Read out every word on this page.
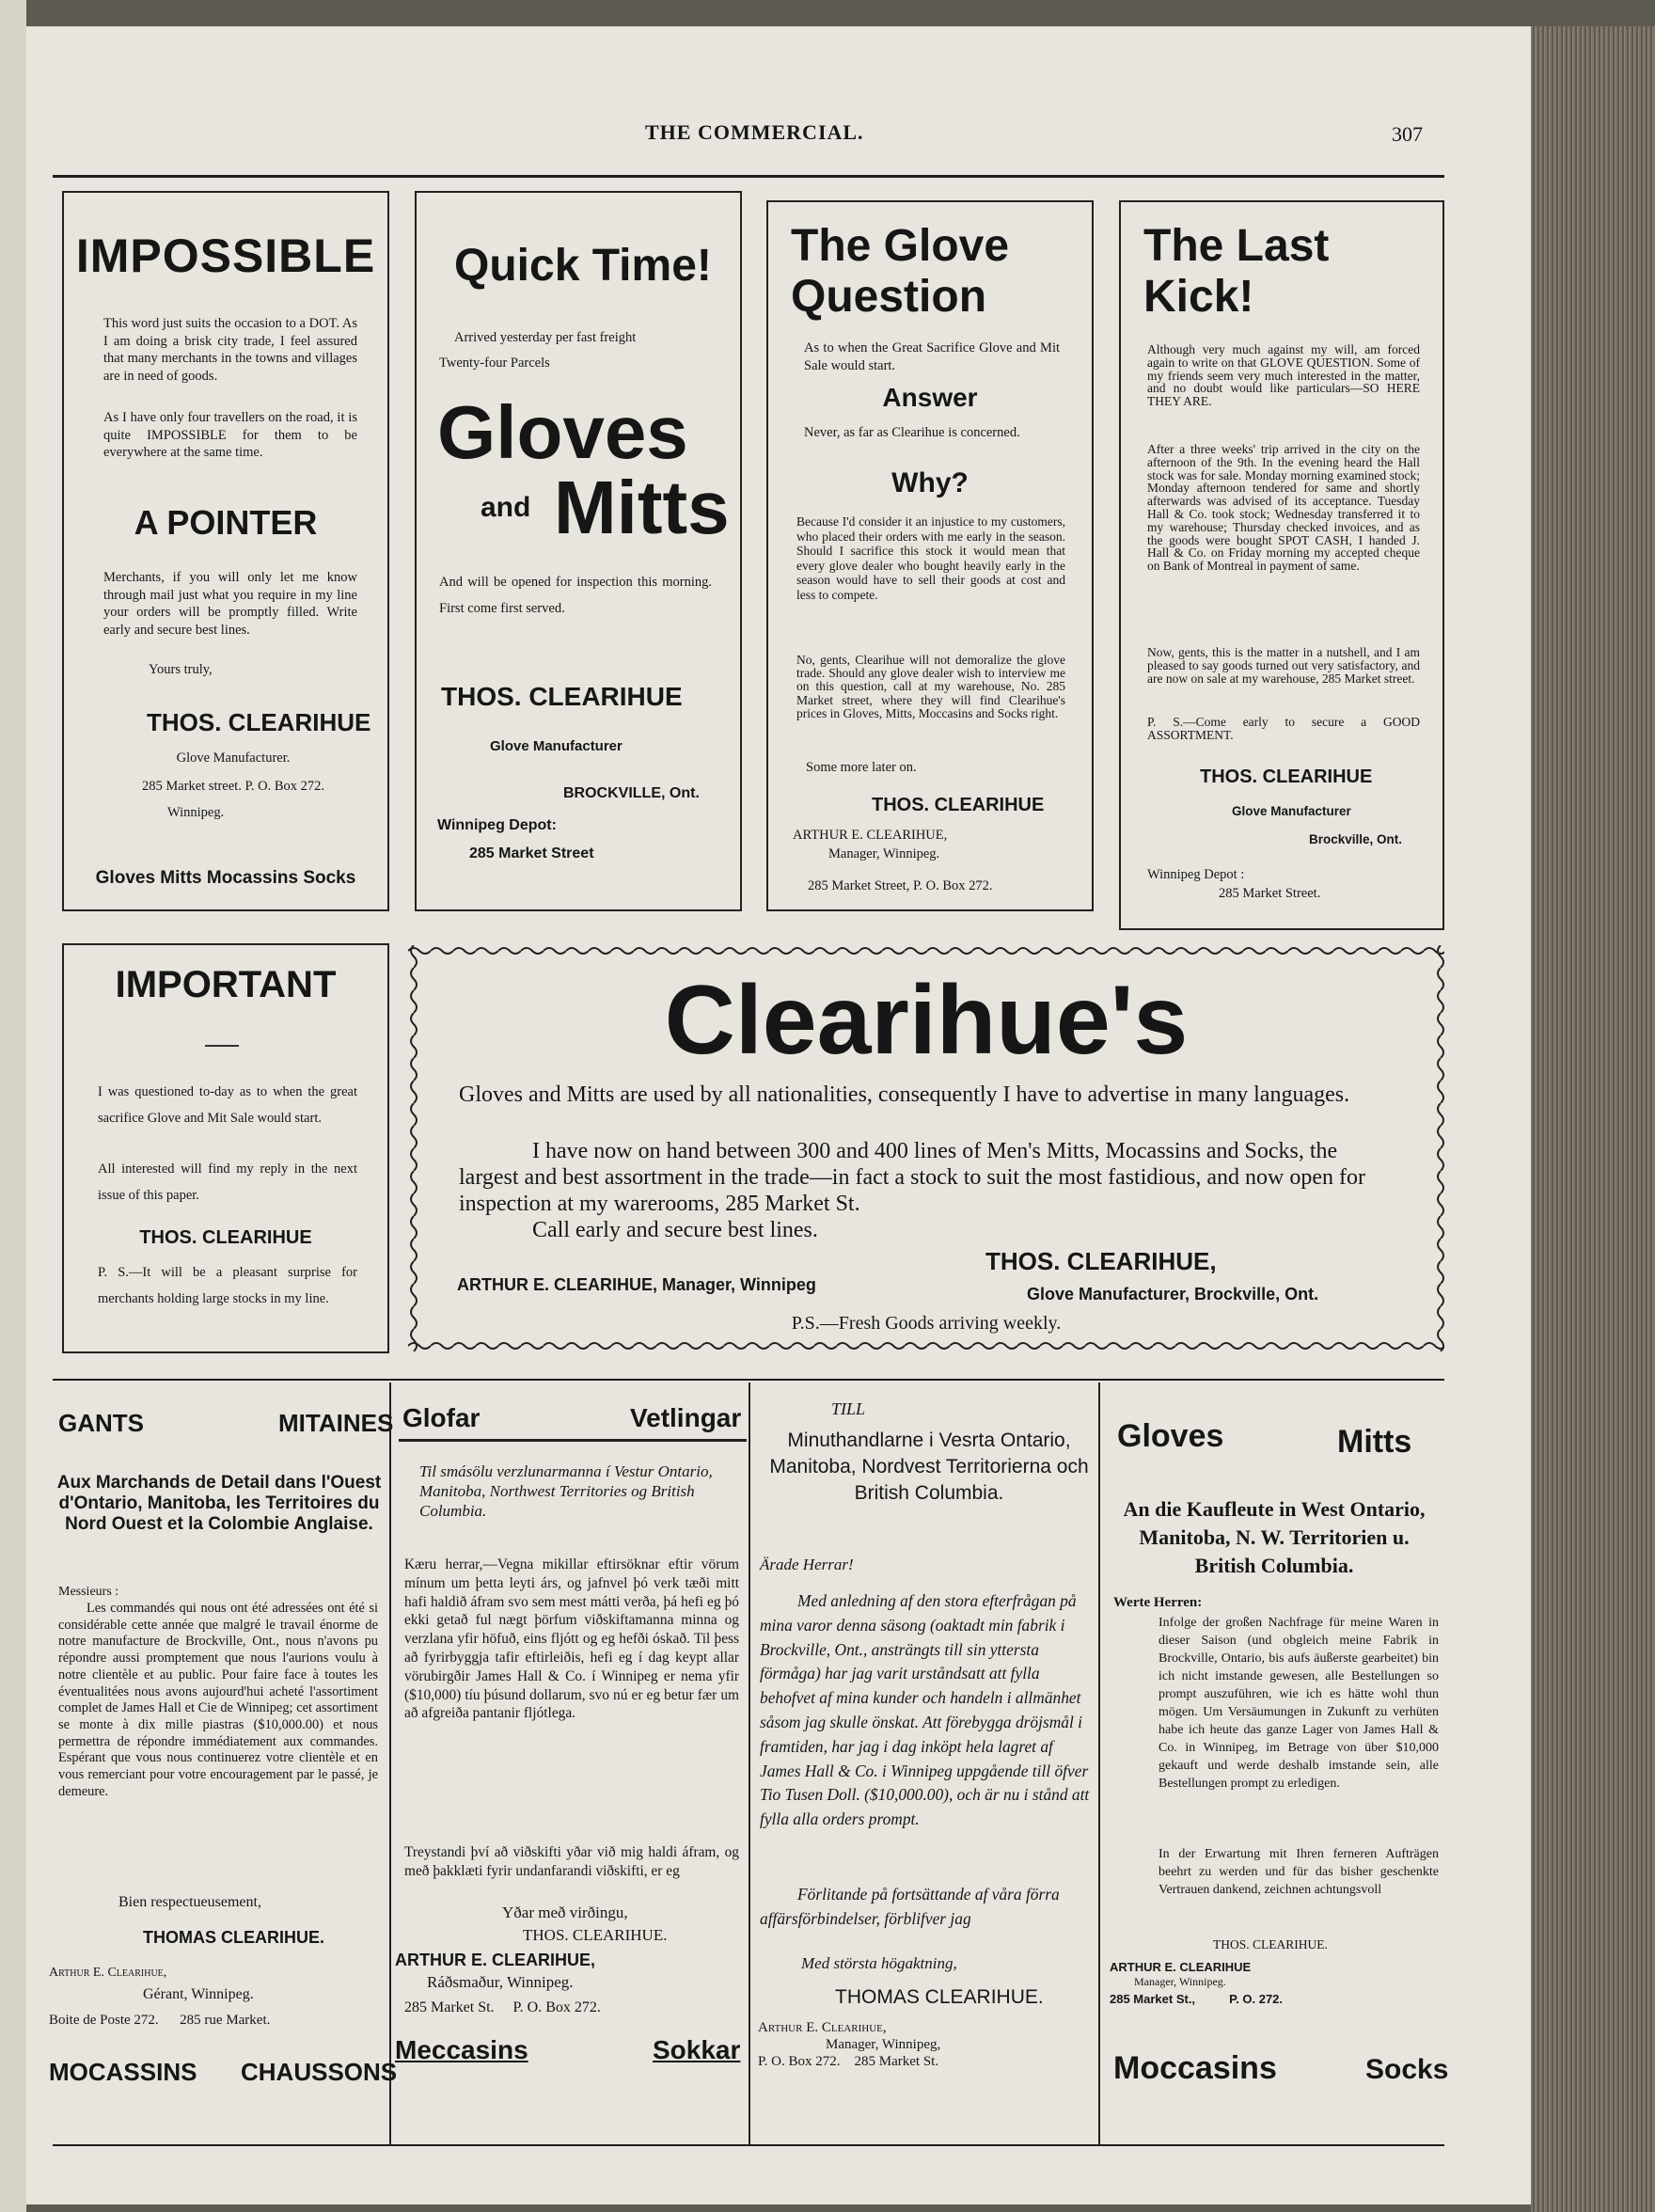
THE COMMERCIAL.	307
IMPOSSIBLE
This word just suits the occasion to a DOT. As I am doing a brisk city trade, I feel assured that many merchants in the towns and villages are in need of goods.
As I have only four travellers on the road, it is quite IMPOSSIBLE for them to be everywhere at the same time.
A POINTER
Merchants, if you will only let me know through mail just what you require in my line your orders will be promptly filled. Write early and secure best lines.
Yours truly,
THOS. CLEARIHUE
Glove Manufacturer.
285 Market street. P. O. Box 272.
Winnipeg.
Gloves Mitts Mocassins Socks
Quick Time!
Arrived yesterday per fast freight
Twenty-four Parcels
Gloves
and Mitts
And will be opened for inspection this morning. First come first served.
THOS. CLEARIHUE
Glove Manufacturer
BROCKVILLE, Ont.
Winnipeg Depot:
285 Market Street
The Glove
Question
As to when the Great Sacrifice Glove and Mit Sale would start.
Answer
Never, as far as Clearihue is concerned.
Why?
Because I'd consider it an injustice to my customers, who placed their orders with me early in the season. Should I sacrifice this stock it would mean that every glove dealer who bought heavily early in the season would have to sell their goods at cost and less to compete.
No, gents, Clearihue will not demoralize the glove trade. Should any glove dealer wish to interview me on this question, call at my warehouse, No. 285 Market street, where they will find Clearihue's prices in Gloves, Mitts, Moccasins and Socks right.
Some more later on.
THOS. CLEARIHUE
ARTHUR E. CLEARIHUE,
Manager, Winnipeg.
285 Market Street, P. O. Box 272.
The Last
Kick!
Although very much against my will, am forced again to write on that GLOVE QUESTION. Some of my friends seem very much interested in the matter, and no doubt would like particulars—SO HERE THEY ARE.
After a three weeks' trip arrived in the city on the afternoon of the 9th. In the evening heard the Hall stock was for sale. Monday morning examined stock; Monday afternoon tendered for same and shortly afterwards was advised of its acceptance. Tuesday Hall & Co. took stock; Wednesday transferred it to my warehouse; Thursday checked invoices, and as the goods were bought SPOT CASH, I handed J. Hall & Co. on Friday morning my accepted cheque on Bank of Montreal in payment of same.
Now, gents, this is the matter in a nutshell, and I am pleased to say goods turned out very satisfactory, and are now on sale at my warehouse, 285 Market street.
P. S.—Come early to secure a GOOD ASSORTMENT.
THOS. CLEARIHUE
Glove Manufacturer
Brockville, Ont.
Winnipeg Depot :
285 Market Street.
IMPORTANT
I was questioned to-day as to when the great sacrifice Glove and Mit Sale would start.
All interested will find my reply in the next issue of this paper.
THOS. CLEARIHUE
P. S.—It will be a pleasant surprise for merchants holding large stocks in my line.
Clearihue's
Gloves and Mitts are used by all nationalities, consequently I have to advertise in many languages.
I have now on hand between 300 and 400 lines of Men's Mitts, Mocassins and Socks, the largest and best assortment in the trade—in fact a stock to suit the most fastidious, and now open for inspection at my warerooms, 285 Market St.
Call early and secure best lines.
THOS. CLEARIHUE,
ARTHUR E. CLEARIHUE, Manager, Winnipeg	Glove Manufacturer, Brockville, Ont.
P.S.—Fresh Goods arriving weekly.
GANTS	MITAINES
Aux Marchands de Detail dans l'Ouest d'Ontario, Manitoba, les Territoires du Nord Ouest et la Colombie Anglaise.
Messieurs :
Les commandés qui nous ont été adressées ont été si considérable cette année que malgré le travail énorme de notre manufacture de Brockville, Ont., nous n'avons pu répondre aussi promptement que nous l'aurions voulu à notre clientèle et au public. Pour faire face à toutes les éventualitées nous avons aujourd'hui acheté l'assortiment complet de James Hall et Cie de Winnipeg; cet assortiment se monte à dix mille piastras ($10,000.00) et nous permettra de répondre immédiatement aux commandes. Espérant que vous nous continuerez votre clientèle et en vous remerciant pour votre encouragement par le passé, je demeure.
Bien respectueusement,
THOMAS CLEARIHUE.
Arthur E. Clearihue,
Gérant, Winnipeg.
Boite de Poste 272.      285 rue Market.
MOCASSINS CHAUSSONS
Glofar	Vetlingar
Til smásölu verzlunarmanna í Vestur Ontario, Manitoba, Northwest Territories og British Columbia.
Kæru herrar,—Vegna mikillar eftirsöknar eftir vörum mínum um þetta leyti árs, og jafnvel þó verk tæði mitt hafi haldið áfram svo sem mest mátti verða, þá hefi eg þó ekki getað ful nægt þörfum viðskiftamanna minna og verzlana yfir höfuð, eins fljótt og eg hefði óskað. Til þess að fyrirbyggja tafir eftirleiðis, hefi eg í dag keypt allar vörubirgðir James Hall & Co. í Winnipeg er nema yfir ($10,000) tíu þúsund dollarum, svo nú er eg betur fær um að afgreiða pantanir fljótlega.
Treystandi því að viðskifti yðar við mig haldi áfram, og með þakklæti fyrir undanfarandi viðskifti, er eg
Yðar með virðingu,
THOS. CLEARIHUE.
ARTHUR E. CLEARIHUE,
Ráðsmaður, Winnipeg.
285 Market St.     P. O. Box 272.
Meccasins	Sokkar
TILL
Minuthandlarne i Vesrta Ontario, Manitoba, Nordvest Territorierna och British Columbia.
Ärade Herrar!
Med anledning af den stora efterfrågan på mina varor denna säsong (oaktadt min fabrik i Brockville, Ont., ansträngts till sin yttersta förmåga) har jag varit urståndsatt att fylla behofvet af mina kunder och handeln i allmänhet såsom jag skulle önskat. Att förebygga dröjsmål i framtiden, har jag i dag inköpt hela lagret af James Hall & Co. i Winnipeg uppgående till öfver Tio Tusen Doll. ($10,000.00), och är nu i stånd att fylla alla orders prompt.
Förlitande på fortsättande af våra förra affärsförbindelser, förblifver jag
Med största högaktning,
THOMAS CLEARIHUE.
Arthur E. Clearihue,
Manager, Winnipeg,
P. O. Box 272.    285 Market St.
Gloves	Mitts
An die Kaufleute in West Ontario, Manitoba, N. W. Territorien u. British Columbia.
Werte Herren:
Infolge der großen Nachfrage für meine Waren in dieser Saison (und obgleich meine Fabrik in Brockville, Ontario, bis aufs äußerste gearbeitet) bin ich nicht imstande gewesen, alle Bestellungen so prompt auszuführen, wie ich es hätte wohl thun mögen. Um Versäumungen in Zukunft zu verhüten habe ich heute das ganze Lager von James Hall & Co. in Winnipeg, im Betrage von über $10,000 gekauft und werde deshalb imstande sein, alle Bestellungen prompt zu erledigen.
In der Erwartung mit Ihren ferneren Aufträgen beehrt zu werden und für das bisher geschenkte Vertrauen dankend, zeichnen achtungsvoll
THOS. CLEARIHUE.
ARTHUR E. CLEARIHUE
Manager, Winnipeg.
285 Market St.,          P. O. 272.
Moccasins	Socks
